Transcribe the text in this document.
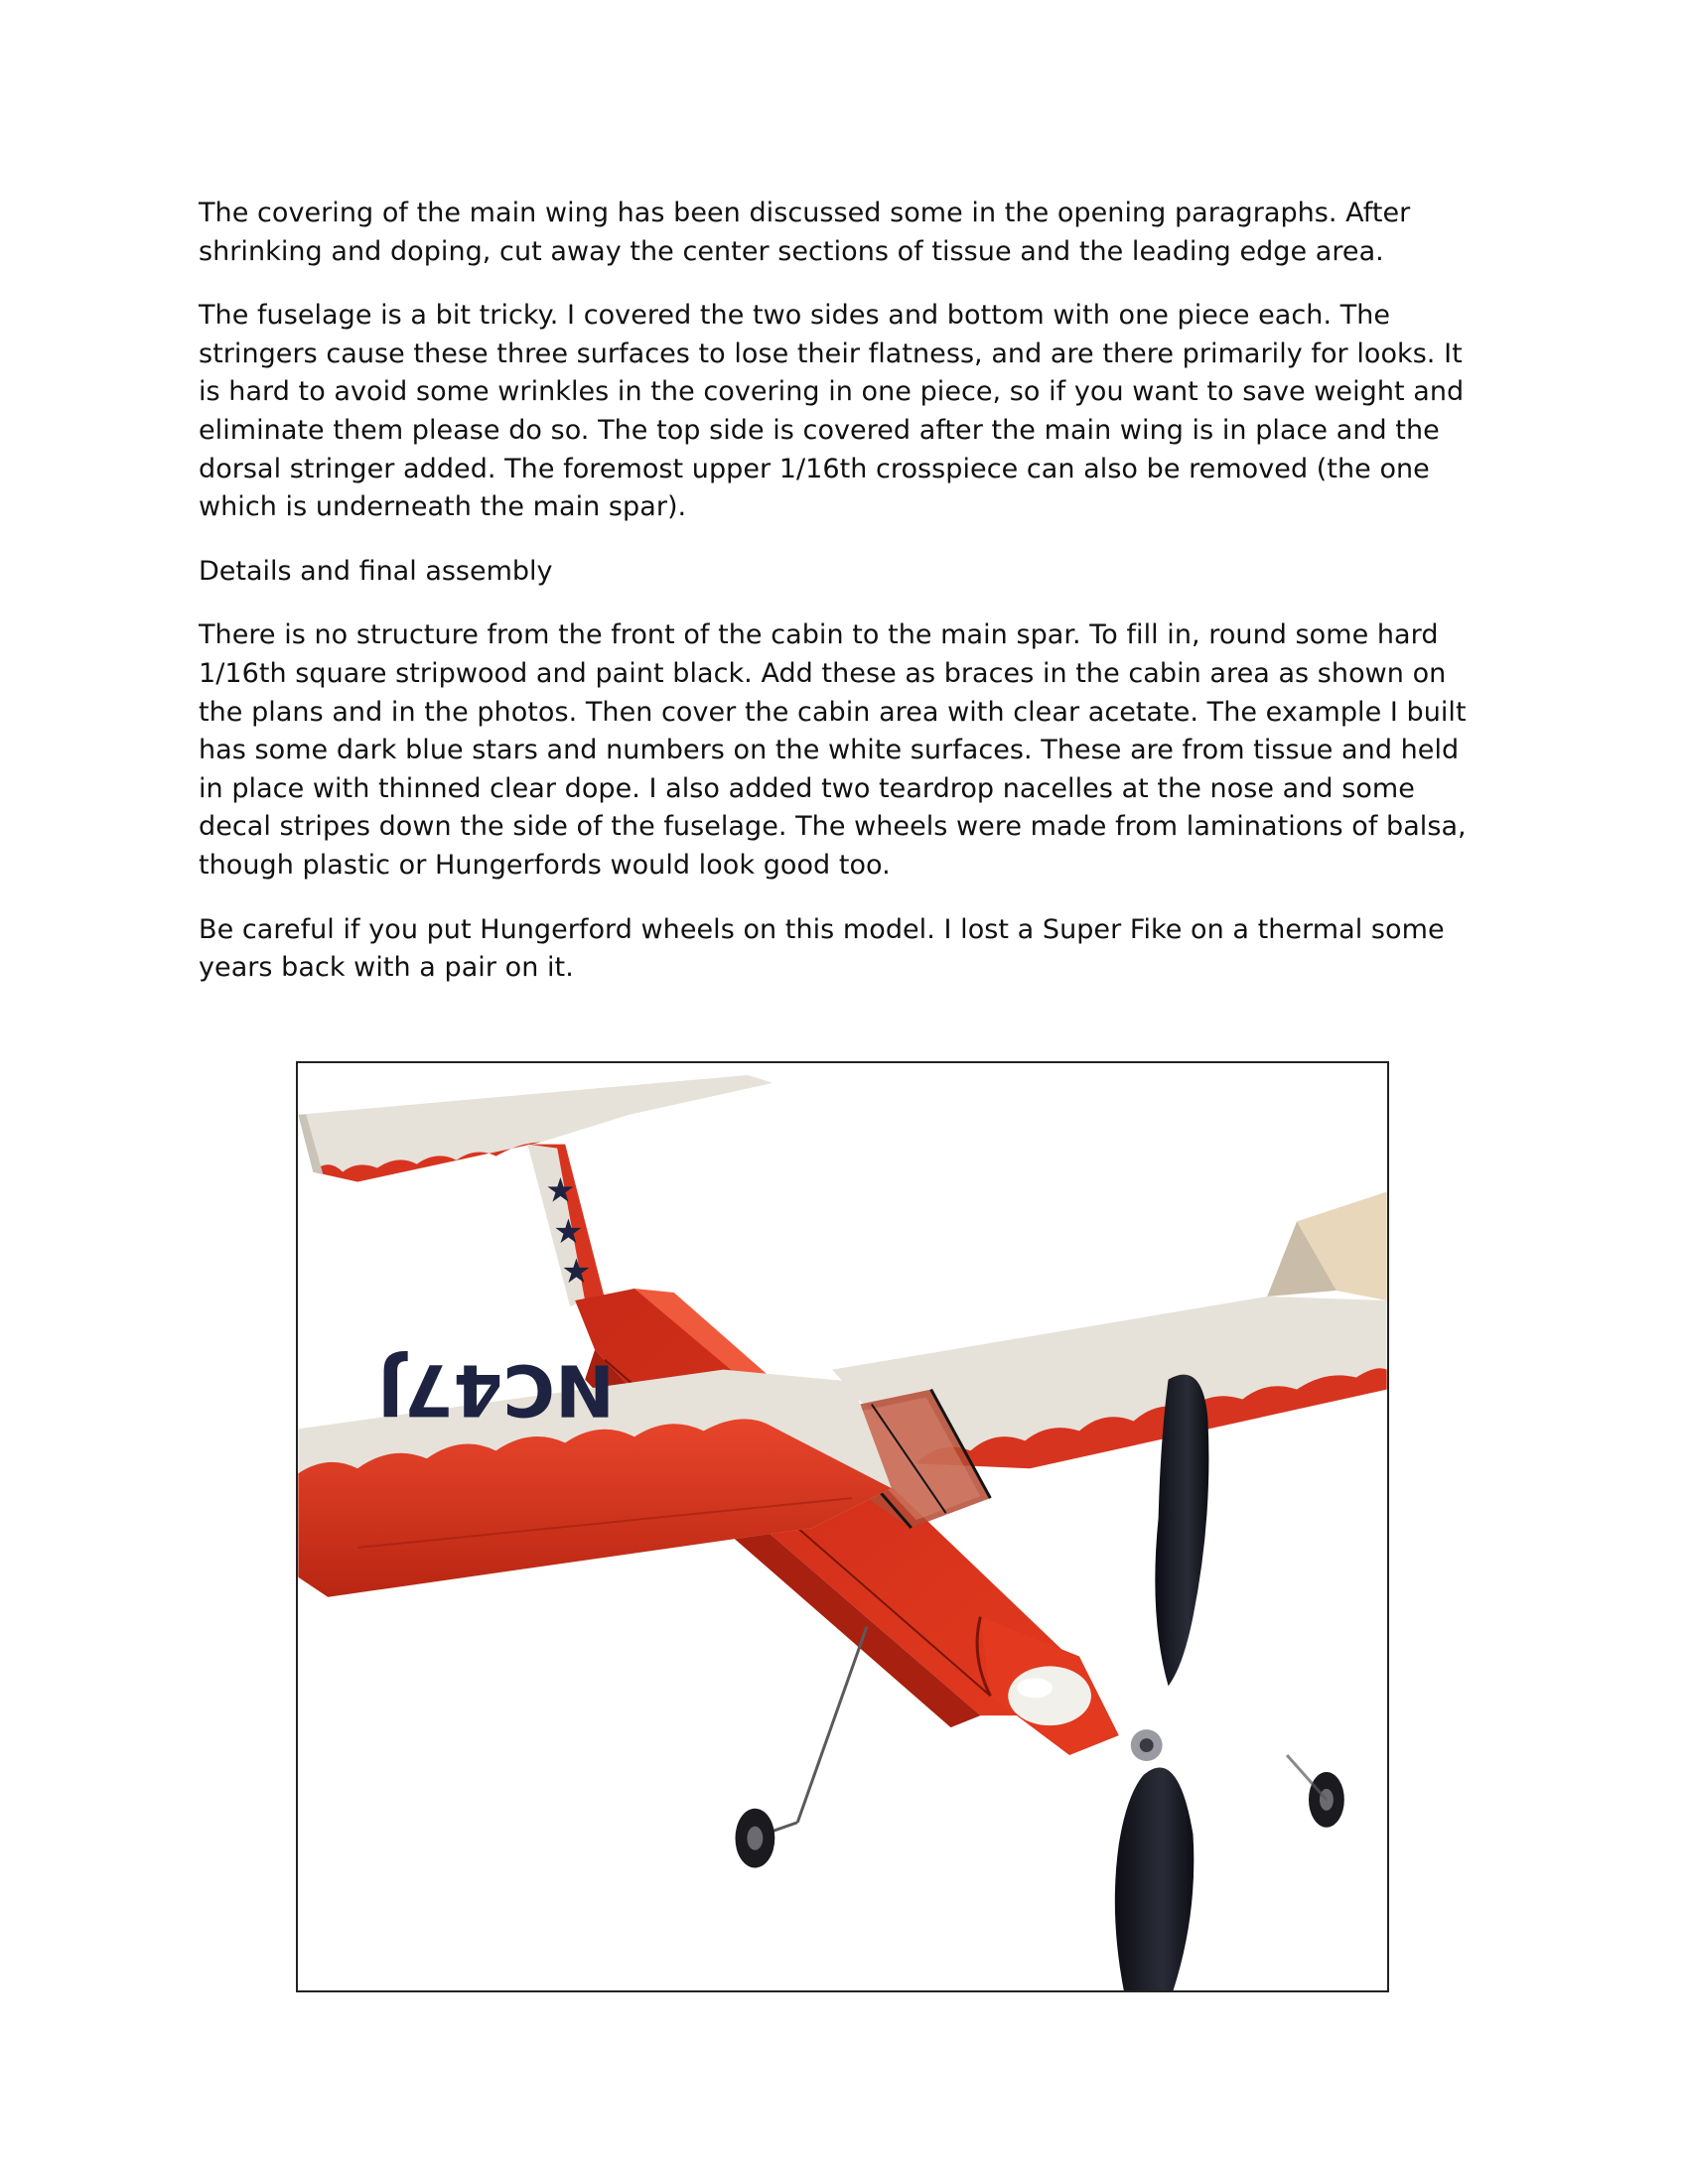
The covering of the main wing has been discussed some in the opening paragraphs. After shrinking and doping, cut away the center sections of tissue and the leading edge area.

The fuselage is a bit tricky. I covered the two sides and bottom with one piece each. The stringers cause these three surfaces to lose their flatness, and are there primarily for looks. It is hard to avoid some wrinkles in the covering in one piece, so if you want to save weight and eliminate them please do so. The top side is covered after the main wing is in place and the dorsal stringer added. The foremost upper 1/16th crosspiece can also be removed (the one which is underneath the main spar).

Details and final assembly

There is no structure from the front of the cabin to the main spar. To fill in, round some hard 1/16th square stripwood and paint black. Add these as braces in the cabin area as shown on the plans and in the photos. Then cover the cabin area with clear acetate. The example I built has some dark blue stars and numbers on the white surfaces. These are from tissue and held in place with thinned clear dope. I also added two teardrop nacelles at the nose and some decal stripes down the side of the fuselage. The wheels were made from laminations of balsa, though plastic or Hungerfords would look good too.

Be careful if you put Hungerford wheels on this model. I lost a Super Fike on a thermal some years back with a pair on it.

★
★
★
NC47J
